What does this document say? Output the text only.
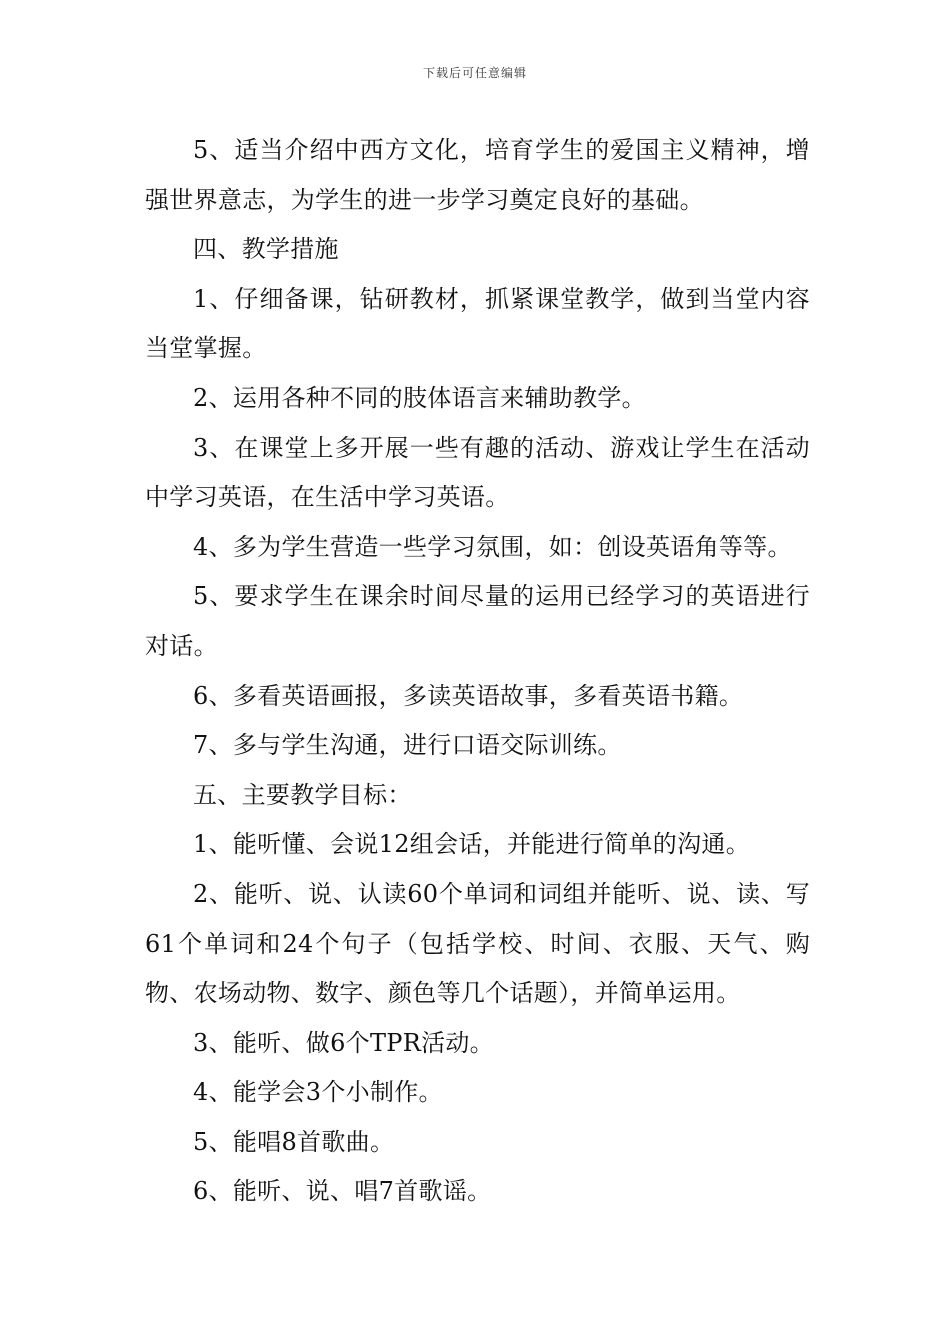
下载后可任意编辑

5、适当介绍中西方文化，培育学生的爱国主义精神，增强世界意志，为学生的进一步学习奠定良好的基础。

四、教学措施

1、仔细备课，钻研教材，抓紧课堂教学，做到当堂内容当堂掌握。

2、运用各种不同的肢体语言来辅助教学。

3、在课堂上多开展一些有趣的活动、游戏让学生在活动中学习英语，在生活中学习英语。

4、多为学生营造一些学习氛围，如：创设英语角等等。

5、要求学生在课余时间尽量的运用已经学习的英语进行对话。

6、多看英语画报，多读英语故事，多看英语书籍。

7、多与学生沟通，进行口语交际训练。

五、主要教学目标：

1、能听懂、会说12组会话，并能进行简单的沟通。

2、能听、说、认读60个单词和词组并能听、说、读、写61个单词和24个句子（包括学校、时间、衣服、天气、购物、农场动物、数字、颜色等几个话题），并简单运用。

3、能听、做6个TPR活动。

4、能学会3个小制作。

5、能唱8首歌曲。

6、能听、说、唱7首歌谣。
